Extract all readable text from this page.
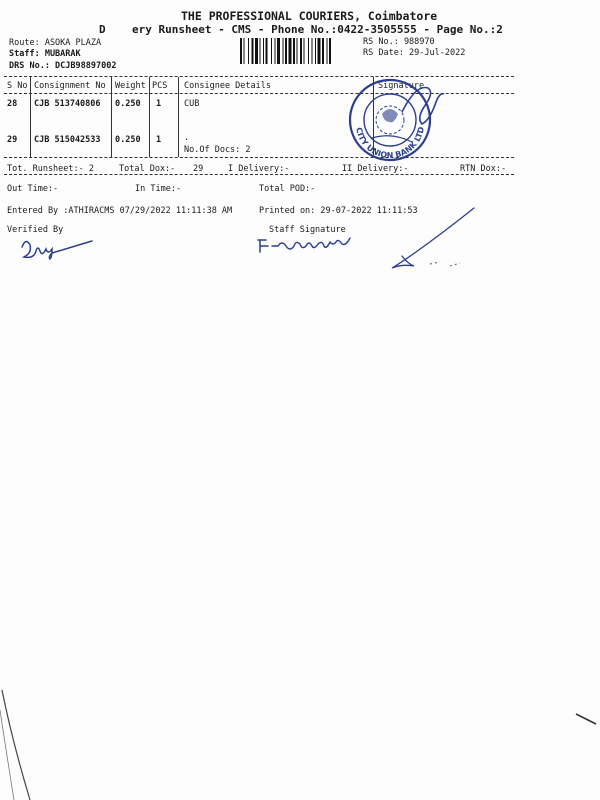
THE PROFESSIONAL COURIERS, Coimbatore
D ery Runsheet - CMS - Phone No.:0422-3505555 - Page No.:2
Route: ASOKA PLAZA
Staff: MUBARAK
DRS No.: DCJB98897002
RS No.: 988970
RS Date: 29-Jul-2022
S No Consignment No Weight PCS Consignee Details	Signature
28 CJB 513740806 0.250 1	CUB
29 CJB 515042533 0.250 1	.
No.Of Docs: 2
Tot. Runsheet:- 2	Total Dox:- 29	I Delivery:-	II Delivery:-	RTN Dox:-
Out Time:-	In Time:-	Total POD:-
Entered By :ATHIRACMS 07/29/2022 11:11:38 AM	Printed on: 29-07-2022 11:11:53
Verified By	Staff Signature
CITY UNION BANK LTD
